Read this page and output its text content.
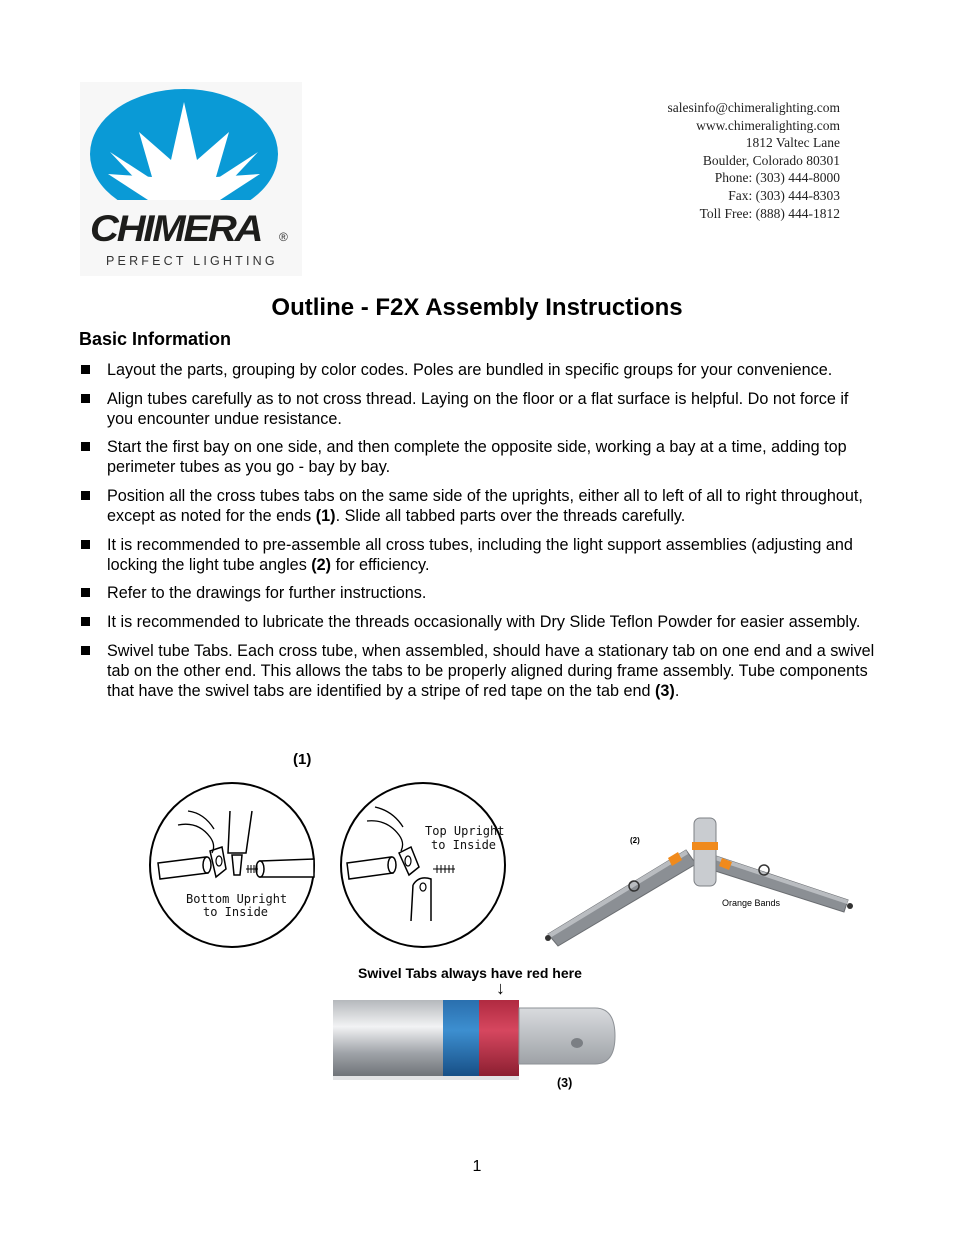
CHIMERA ®
PERFECT LIGHTING
salesinfo@chimeralighting.com
www.chimeralighting.com
1812 Valtec Lane
Boulder, Colorado 80301
Phone: (303) 444-8000
Fax: (303) 444-8303
Toll Free: (888) 444-1812
Outline - F2X Assembly Instructions
Basic Information
Layout the parts, grouping by color codes. Poles are bundled in specific groups for your convenience.
Align tubes carefully as to not cross thread. Laying on the floor or a flat surface is helpful. Do not force if you encounter undue resistance.
Start the first bay on one side, and then complete the opposite side, working a bay at a time, adding top perimeter tubes as you go - bay by bay.
Position all the cross tubes tabs on the same side of the uprights, either all to left of all to right throughout, except as noted for the ends (1). Slide all tabbed parts over the threads carefully.
It is recommended to pre-assemble all cross tubes, including the light support assemblies (adjusting and locking the light tube angles (2) for efficiency.
Refer to the drawings for further instructions.
It is recommended to lubricate the threads occasionally with Dry Slide Teflon Powder for easier assembly.
Swivel tube Tabs. Each cross tube, when assembled, should have a stationary tab on one end and a swivel tab on the other end. This allows the tabs to be properly aligned during frame assembly. Tube components that have the swivel tabs are identified by a stripe of red tape on the tab end (3).
(1)
Bottom Upright
to Inside
Top Upright
to Inside	(2)
Orange Bands
Swivel Tabs always have red here
↓
(3)
1
